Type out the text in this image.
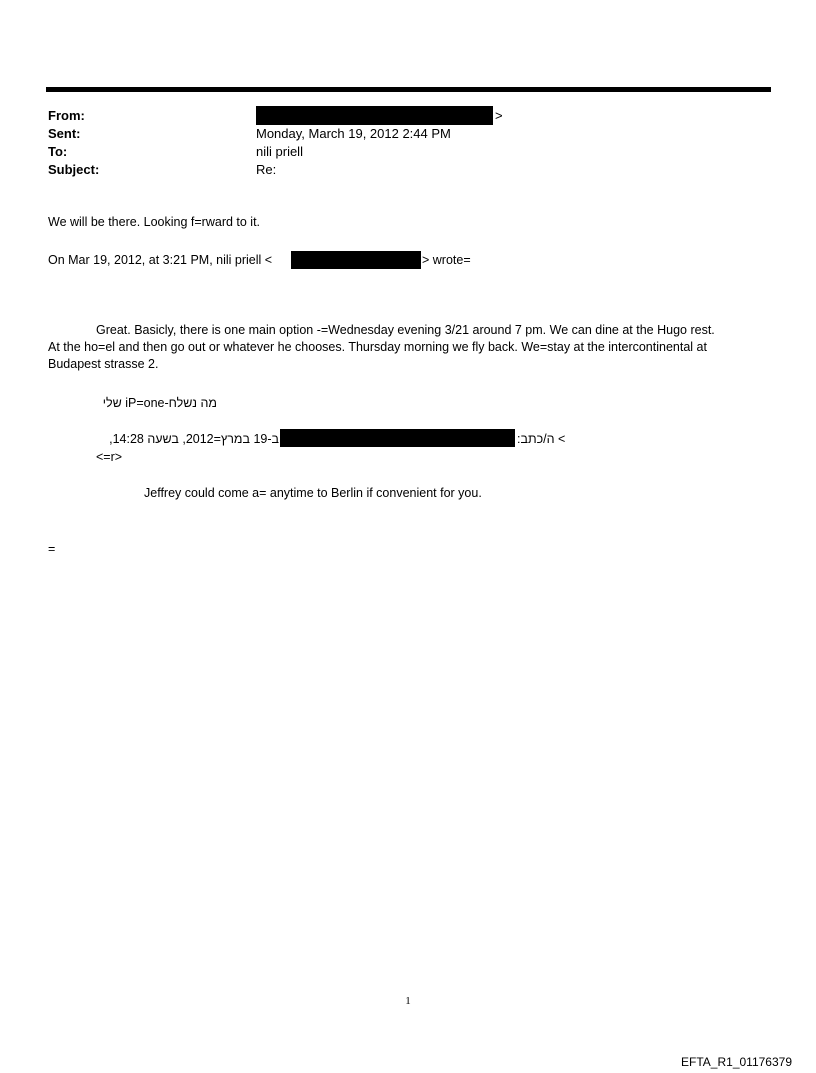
From:	>
Sent:	Monday, March 19, 2012 2:44 PM
To:	nili priell
Subject:	Re:
We will be there. Looking f=rward to it.
On Mar 19, 2012, at 3:21 PM, nili priell <	> wrote=
Great. Basicly, there is one main option -=Wednesday evening 3/21 around 7 pm. We can dine at the Hugo rest.
At the ho=el and then go out or whatever he chooses. Thursday morning we fly back. We=stay at the intercontinental at
Budapest strasse 2.
מה נשלח-iP=one שלי
ב-19 במרץ=2012, בשעה 14:28,	> ה/כתב:
<=r>
Jeffrey could come a= anytime to Berlin if convenient for you.
=
1
EFTA_R1_01176379
